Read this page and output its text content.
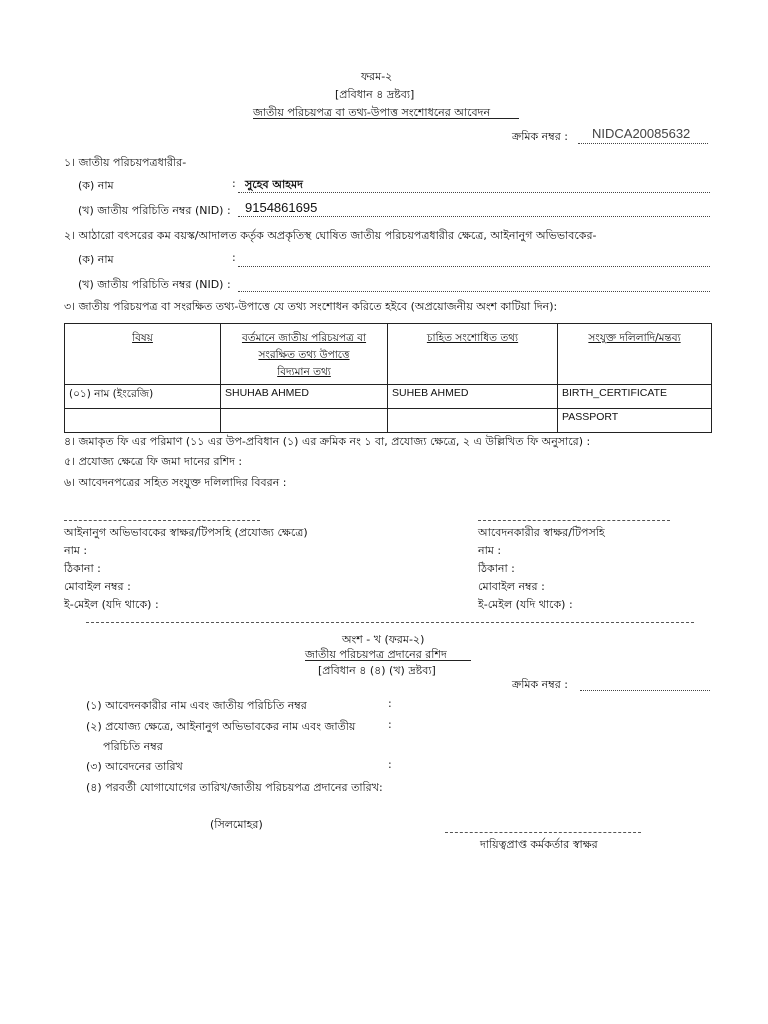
ফরম-২
[প্রবিধান ৪ দ্রষ্টব্য]
জাতীয় পরিচয়পত্র বা তথ্য-উপাত্ত সংশোধনের আবেদন
ক্রমিক নম্বর : NIDCA20085632
১। জাতীয় পরিচয়পত্রধারীর-
(ক) নাম	: সুহেব আহমদ
(খ) জাতীয় পরিচিতি নম্বর (NID) : 9154861695
২। আঠারো বৎসরের কম বয়স্ক/আদালত কর্তৃক অপ্রকৃতিস্থ ঘোষিত জাতীয় পরিচয়পত্রধারীর ক্ষেত্রে, আইনানুগ অভিভাবকের-
(ক) নাম	:
(খ) জাতীয় পরিচিতি নম্বর (NID) :
৩। জাতীয় পরিচয়পত্র বা সংরক্ষিত তথ্য-উপাত্তে যে তথ্য সংশোধন করিতে হইবে (অপ্রয়োজনীয় অংশ কাটিয়া দিন):
বিষয়	বর্তমানে জাতীয় পরিচয়পত্র বা
সংরক্ষিত তথ্য উপাত্তে
বিদ্যমান তথ্য	চাহিত সংশোধিত তথ্য	সংযুক্ত দলিলাদি/মন্তব্য
(০১) নাম (ইংরেজি)	SHUHAB AHMED	SUHEB AHMED	BIRTH_CERTIFICATE
			PASSPORT
৪। জমাকৃত ফি এর পরিমাণ (১১ এর উপ-প্রবিধান (১) এর ক্রমিক নং ১ বা, প্রযোজ্য ক্ষেত্রে, ২ এ উল্লিখিত ফি অনুসারে) :
৫। প্রযোজ্য ক্ষেত্রে ফি জমা দানের রশিদ :
৬। আবেদনপত্রের সহিত সংযুক্ত দলিলাদির বিবরন :
আইনানুগ অভিভাবকের স্বাক্ষর/টিপসহি (প্রযোজ্য ক্ষেত্রে)
নাম :
ঠিকানা :
মোবাইল নম্বর :
ই-মেইল (যদি থাকে) :
আবেদনকারীর স্বাক্ষর/টিপসহি
নাম :
ঠিকানা :
মোবাইল নম্বর :
ই-মেইল (যদি থাকে) :
অংশ - খ (ফরম-২)
জাতীয় পরিচয়পত্র প্রদানের রশিদ
[প্রবিধান ৪ (৪) (খ) দ্রষ্টব্য]
ক্রমিক নম্বর :
(১) আবেদনকারীর নাম এবং জাতীয় পরিচিতি নম্বর	:
(২) প্রযোজ্য ক্ষেত্রে, আইনানুগ অভিভাবকের নাম এবং জাতীয়	:
পরিচিতি নম্বর
(৩) আবেদনের তারিখ	:
(৪) পরবর্তী যোগাযোগের তারিখ/জাতীয় পরিচয়পত্র প্রদানের তারিখ:
(সিলমোহর)
দায়িত্বপ্রাপ্ত কর্মকর্তার স্বাক্ষর
